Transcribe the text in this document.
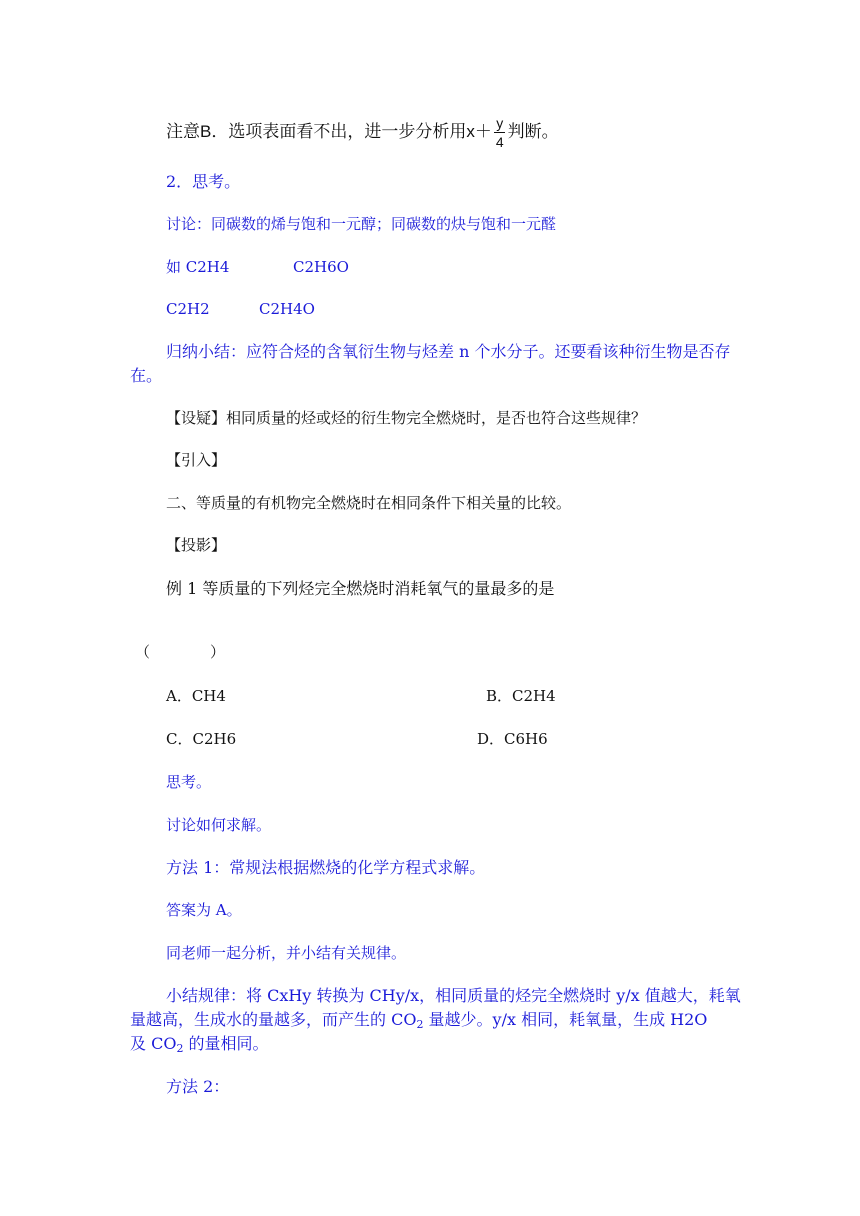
注意B．选项表面看不出，进一步分析用$x+ \frac{y}{4}$ 判断。
2．思考。
讨论：同碳数的烯与饱和一元醇；同碳数的炔与饱和一元醛
如 C2H4	C2H6O
C2H2	C2H4O
归纳小结：应符合烃的含氧衍生物与烃差 n 个水分子。还要看该种衍生物是否存
在。
【设疑】相同质量的烃或烃的衍生物完全燃烧时，是否也符合这些规律？
【引入】
二、等质量的有机物完全燃烧时在相同条件下相关量的比较。
【投影】
例 1 等质量的下列烃完全燃烧时消耗氧气的量最多的是
（　　　　）
A．CH4	B．C2H4
C．C2H6	D．C6H6
思考。
讨论如何求解。
方法 1：常规法根据燃烧的化学方程式求解。
答案为 A。
同老师一起分析，并小结有关规律。
小结规律：将 CxHy 转换为 CHy/x，相同质量的烃完全燃烧时 y/x 值越大，耗氧
量越高，生成水的量越多，而产生的 $CO_2$ 量越少。y/x 相同，耗氧量，生成 H2O
及 $CO_2$ 的量相同。
方法 2：
